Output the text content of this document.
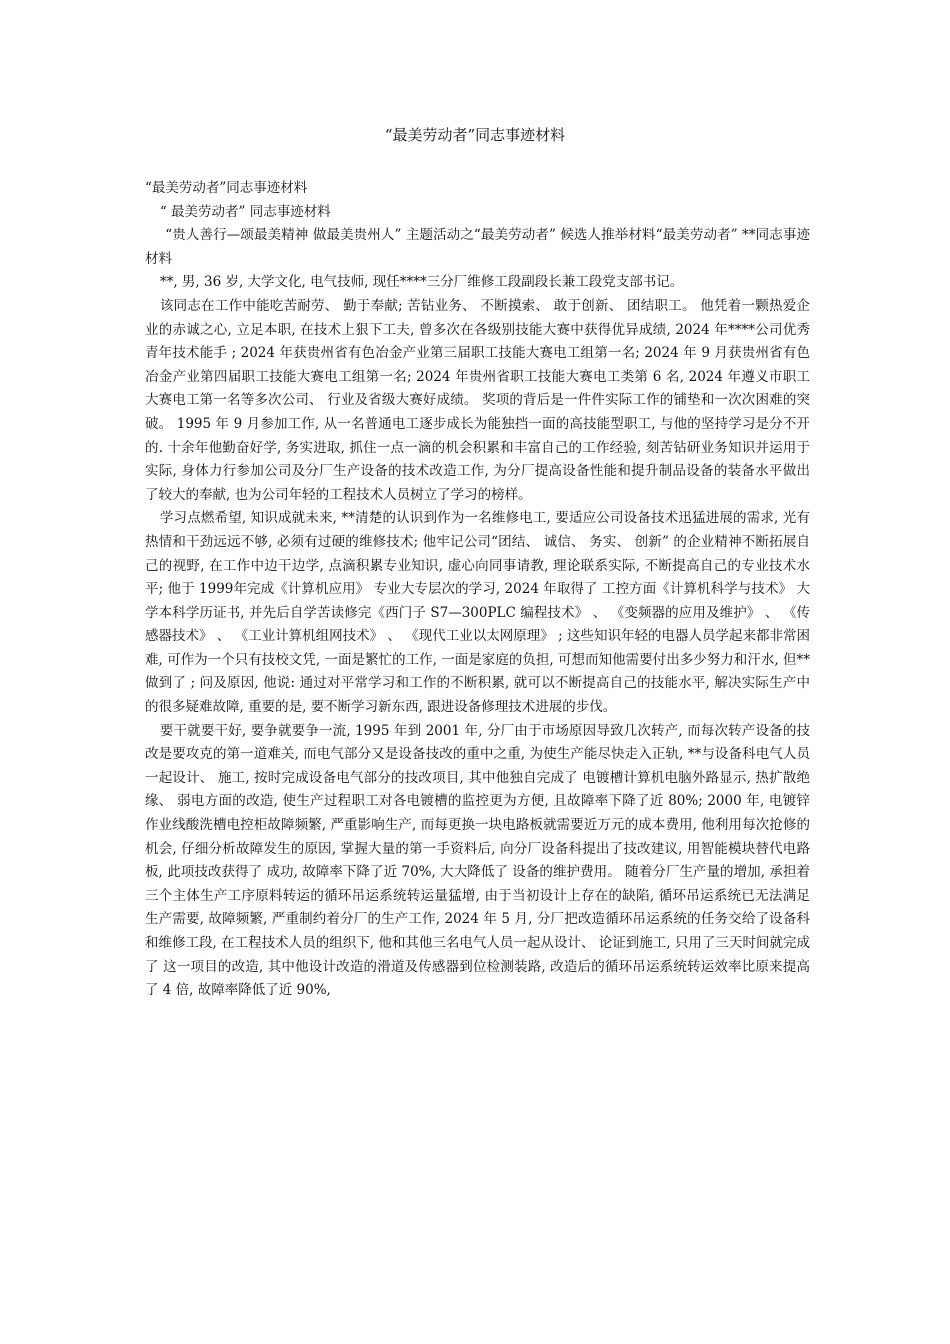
“最美劳动者”同志事迹材料

“最美劳动者”同志事迹材料

“ 最美劳动者” 同志事迹材料

“贵人善行—颂最美精神 做最美贵州人” 主题活动之“最美劳动者” 候选人推举材料“最美劳动者” **同志事迹材料

**, 男, 36 岁, 大学文化, 电气技师, 现任****三分厂维修工段副段长兼工段党支部书记。

该同志在工作中能吃苦耐劳、 勤于奉献; 苦钻业务、 不断摸索、 敢于创新、 团结职工。 他凭着一颗热爱企业的赤诚之心, 立足本职, 在技术上狠下工夫, 曾多次在各级别技能大赛中获得优异成绩, 2024 年****公司优秀青年技术能手 ; 2024 年获贵州省有色冶金产业第三届职工技能大赛电工组第一名; 2024 年 9 月获贵州省有色冶金产业第四届职工技能大赛电工组第一名; 2024 年贵州省职工技能大赛电工类第 6 名, 2024 年遵义市职工大赛电工第一名等多次公司、 行业及省级大赛好成绩。 奖项的背后是一件件实际工作的铺垫和一次次困难的突破。 1995 年 9 月参加工作, 从一名普通电工逐步成长为能独挡一面的高技能型职工, 与他的坚持学习是分不开的. 十余年他勤奋好学, 务实进取, 抓住一点一滴的机会积累和丰富自己的工作经验, 刻苦钻研业务知识并运用于实际, 身体力行参加公司及分厂生产设备的技术改造工作, 为分厂提高设备性能和提升制品设备的装备水平做出了较大的奉献, 也为公司年轻的工程技术人员树立了学习的榜样。

学习点燃希望, 知识成就未来, **清楚的认识到作为一名维修电工, 要适应公司设备技术迅猛进展的需求, 光有热情和干劲远远不够, 必须有过硬的维修技术; 他牢记公司“团结、 诚信、 务实、 创新” 的企业精神不断拓展自己的视野, 在工作中边干边学, 点滴积累专业知识, 虚心向同事请教, 理论联系实际, 不断提高自己的专业技术水平; 他于 1999年完成《计算机应用》 专业大专层次的学习, 2024 年取得了 工控方面《计算机科学与技术》 大学本科学历证书, 并先后自学苦读修完《西门子 S7—300PLC 编程技术》 、 《变频器的应用及维护》 、 《传感器技术》 、 《工业计算机组网技术》 、 《现代工业以太网原理》 ; 这些知识年轻的电器人员学起来都非常困难, 可作为一个只有技校文凭, 一面是繁忙的工作, 一面是家庭的负担, 可想而知他需要付出多少努力和汗水, 但**做到了 ; 问及原因, 他说: 通过对平常学习和工作的不断积累, 就可以不断提高自己的技能水平, 解决实际生产中的很多疑难故障, 重要的是, 要不断学习新东西, 跟进设备修理技术进展的步伐。

要干就要干好, 要争就要争一流, 1995 年到 2001 年, 分厂由于市场原因导致几次转产, 而每次转产设备的技改是要攻克的第一道难关, 而电气部分又是设备技改的重中之重, 为使生产能尽快走入正轨, **与设备科电气人员一起设计、 施工, 按时完成设备电气部分的技改项目, 其中他独自完成了 电镀槽计算机电脑外路显示, 热扩散绝缘、 弱电方面的改造, 使生产过程职工对各电镀槽的监控更为方便, 且故障率下降了近 80%; 2000 年, 电镀锌作业线酸洗槽电控柜故障频繁, 严重影响生产, 而每更换一块电路板就需要近万元的成本费用, 他利用每次抢修的机会, 仔细分析故障发生的原因, 掌握大量的第一手资料后, 向分厂设备科提出了技改建议, 用智能模块替代电路板, 此项技改获得了 成功, 故障率下降了近 70%, 大大降低了 设备的维护费用。 随着分厂生产量的增加, 承担着三个主体生产工序原料转运的循环吊运系统转运量猛增, 由于当初设计上存在的缺陷, 循环吊运系统已无法满足生产需要, 故障频繁, 严重制约着分厂的生产工作, 2024 年 5 月, 分厂把改造循环吊运系统的任务交给了设备科和维修工段, 在工程技术人员的组织下, 他和其他三名电气人员一起从设计、 论证到施工, 只用了三天时间就完成了 这一项目的改造, 其中他设计改造的滑道及传感器到位检测装路, 改造后的循环吊运系统转运效率比原来提高了 4 倍, 故障率降低了近 90%,
